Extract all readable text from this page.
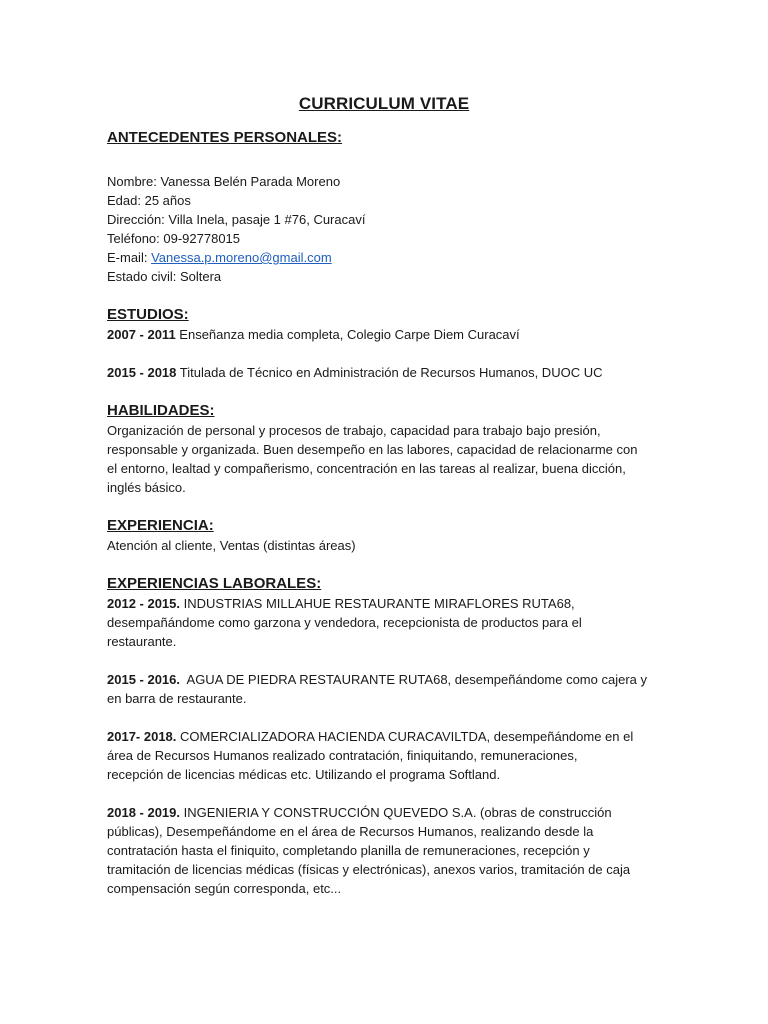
CURRICULUM VITAE
ANTECEDENTES PERSONALES:
Nombre: Vanessa Belén Parada Moreno
Edad: 25 años
Dirección: Villa Inela, pasaje 1 #76, Curacaví
Teléfono: 09-92778015
E-mail: Vanessa.p.moreno@gmail.com
Estado civil: Soltera
ESTUDIOS:
2007 - 2011 Enseñanza media completa, Colegio Carpe Diem Curacaví
2015 - 2018 Titulada de Técnico en Administración de Recursos Humanos, DUOC UC
HABILIDADES:
Organización de personal y procesos de trabajo, capacidad para trabajo bajo presión,
responsable y organizada. Buen desempeño en las labores, capacidad de relacionarme con
el entorno, lealtad y compañerismo, concentración en las tareas al realizar, buena dicción,
inglés básico.
EXPERIENCIA:
Atención al cliente, Ventas (distintas áreas)
EXPERIENCIAS LABORALES:
2012 - 2015. INDUSTRIAS MILLAHUE RESTAURANTE MIRAFLORES RUTA68,
desempañándome como garzona y vendedora, recepcionista de productos para el
restaurante.
2015 - 2016.  AGUA DE PIEDRA RESTAURANTE RUTA68, desempeñándome como cajera y
en barra de restaurante.
2017- 2018. COMERCIALIZADORA HACIENDA CURACAVILTDA, desempeñándome en el
área de Recursos Humanos realizado contratación, finiquitando, remuneraciones,
recepción de licencias médicas etc. Utilizando el programa Softland.
2018 - 2019. INGENIERIA Y CONSTRUCCIÓN QUEVEDO S.A. (obras de construcción
públicas), Desempeñándome en el área de Recursos Humanos, realizando desde la
contratación hasta el finiquito, completando planilla de remuneraciones, recepción y
tramitación de licencias médicas (físicas y electrónicas), anexos varios, tramitación de caja
compensación según corresponda, etc...
